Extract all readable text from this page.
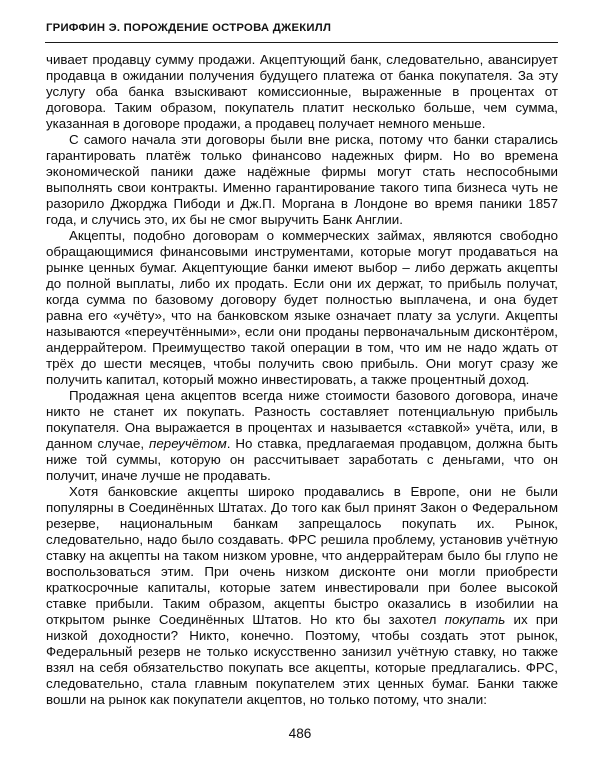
ГРИФФИН Э. ПОРОЖДЕНИЕ ОСТРОВА ДЖЕКИЛЛ

чивает продавцу сумму продажи. Акцептующий банк, следовательно, авансирует продавца в ожидании получения будущего платежа от банка покупателя. За эту услугу оба банка взыскивают комиссионные, выраженные в процентах от договора. Таким образом, покупатель платит несколько больше, чем сумма, указанная в договоре продажи, а продавец получает немного меньше.

С самого начала эти договоры были вне риска, потому что банки старались гарантировать платёж только финансово надежных фирм. Но во времена экономической паники даже надёжные фирмы могут стать неспособными выполнять свои контракты. Именно гарантирование такого типа бизнеса чуть не разорило Джорджа Пибоди и Дж.П. Моргана в Лондоне во время паники 1857 года, и случись это, их бы не смог выручить Банк Англии.

Акцепты, подобно договорам о коммерческих займах, являются свободно обращающимися финансовыми инструментами, которые могут продаваться на рынке ценных бумаг. Акцептующие банки имеют выбор – либо держать акцепты до полной выплаты, либо их продать. Если они их держат, то прибыль получат, когда сумма по базовому договору будет полностью выплачена, и она будет равна его «учёту», что на банковском языке означает плату за услуги. Акцепты называются «переучтёнными», если они проданы первоначальным дисконтёром, андеррайтером. Преимущество такой операции в том, что им не надо ждать от трёх до шести месяцев, чтобы получить свою прибыль. Они могут сразу же получить капитал, который можно инвестировать, а также процентный доход.

Продажная цена акцептов всегда ниже стоимости базового договора, иначе никто не станет их покупать. Разность составляет потенциальную прибыль покупателя. Она выражается в процентах и называется «ставкой» учёта, или, в данном случае, переучётом. Но ставка, предлагаемая продавцом, должна быть ниже той суммы, которую он рассчитывает заработать с деньгами, что он получит, иначе лучше не продавать.

Хотя банковские акцепты широко продавались в Европе, они не были популярны в Соединённых Штатах. До того как был принят Закон о Федеральном резерве, национальным банкам запрещалось покупать их. Рынок, следовательно, надо было создавать. ФРС решила проблему, установив учётную ставку на акцепты на таком низком уровне, что андеррайтерам было бы глупо не воспользоваться этим. При очень низком дисконте они могли приобрести краткосрочные капиталы, которые затем инвестировали при более высокой ставке прибыли. Таким образом, акцепты быстро оказались в изобилии на открытом рынке Соединённых Штатов. Но кто бы захотел покупать их при низкой доходности? Никто, конечно. Поэтому, чтобы создать этот рынок, Федеральный резерв не только искусственно занизил учётную ставку, но также взял на себя обязательство покупать все акцепты, которые предлагались. ФРС, следовательно, стала главным покупателем этих ценных бумаг. Банки также вошли на рынок как покупатели акцептов, но только потому, что знали:

486
